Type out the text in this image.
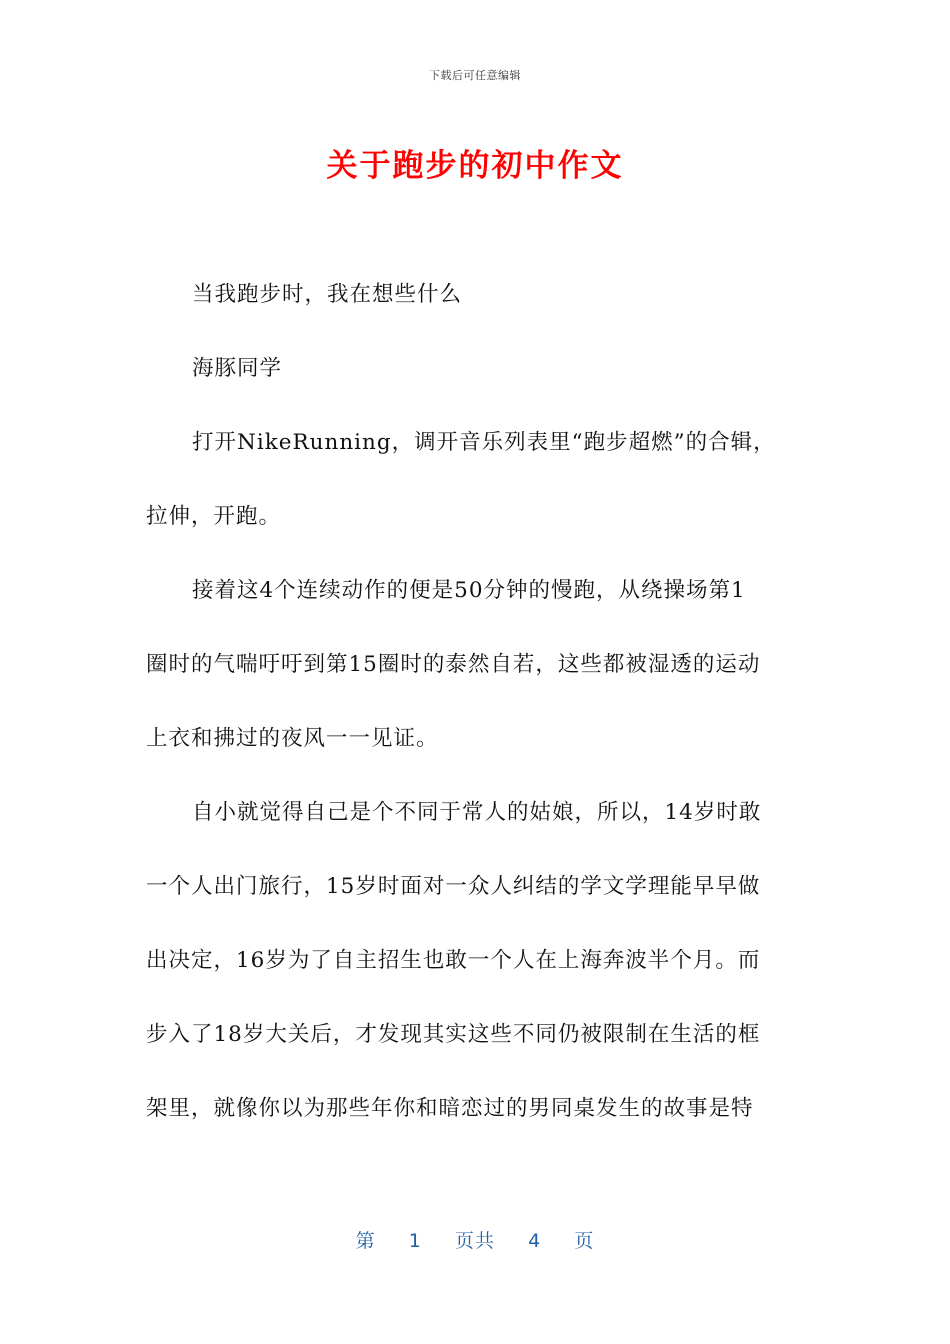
下载后可任意编辑
关于跑步的初中作文
当我跑步时，我在想些什么
海豚同学
打开NikeRunning，调开音乐列表里“跑步超燃”的合辑，
拉伸，开跑。
接着这4个连续动作的便是50分钟的慢跑，从绕操场第1
圈时的气喘吁吁到第15圈时的泰然自若，这些都被湿透的运动
上衣和拂过的夜风一一见证。
自小就觉得自己是个不同于常人的姑娘，所以，14岁时敢
一个人出门旅行，15岁时面对一众人纠结的学文学理能早早做
出决定，16岁为了自主招生也敢一个人在上海奔波半个月。而
步入了18岁大关后，才发现其实这些不同仍被限制在生活的框
架里，就像你以为那些年你和暗恋过的男同桌发生的故事是特
第 1 页共 4 页
